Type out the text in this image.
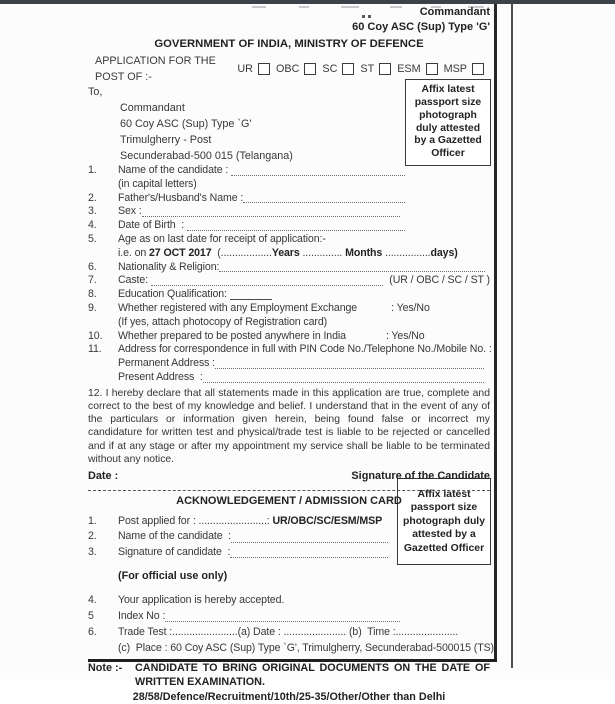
Affix latest
passport size
photograph
duly attested
by a Gazetted
Officer
Affix latest
passport size
photograph duly
attested by a
Gazetted Officer
Commandant
60 Coy ASC (Sup) Type 'G'
GOVERNMENT OF INDIA, MINISTRY OF DEFENCE
APPLICATION FOR THE POST OF :-

UR OBC SC ST ESM MSP
To,
Commandant
60 Coy ASC (Sup) Type `G'
Trimulgherry - Post
Secunderabad-500 015 (Telangana)
1.	Name of the candidate :
(in capital letters)
2.	Father's/Husband's Name :
3.	Sex :
4.	Date of Birth  :
5.	Age as on last date for receipt of application:-
i.e. on 27 OCT 2017 ( .................. Years .............. Months ................ days)
6.	Nationality & Religion:
7.	Caste:	(UR / OBC / SC / ST )
8.	Education Qualification:
9.	Whether registered with any Employment Exchange	: Yes/No
(If yes, attach photocopy of Registration card)
10.	Whether prepared to be posted anywhere in India	: Yes/No
11.	Address for correspondence in full with PIN Code No./Telephone No./Mobile No. :
Permanent Address :
Present Address  :
12. I hereby declare that all statements made in this application are true, complete and correct to the best of my knowledge and belief. I understand that in the event of any of the particulars or information given herein, being found false or incorrect my candidature for written test and physical/trade test is liable to be rejected or cancelled and if at any stage or after my appointment my service shall be liable to be terminated without any notice.
Date :	Signature of the Candidate
ACKNOWLEDGEMENT / ADMISSION CARD
1.	Post applied for : ........................ : UR/OBC/SC/ESM/MSP
2.	Name of the candidate  :
3.	Signature of candidate  :
(For official use only)
4.	Your application is hereby accepted.
5	Index No :
6.	Trade Test : ....................... (a) Date : ...................... (b)  Time : ......................
(c)  Place : 60 Coy ASC (Sup) Type `G', Trimulgherry, Secunderabad-500015 (TS)
Note :-	CANDIDATE TO BRING ORIGINAL DOCUMENTS ON THE DATE OF
WRITTEN EXAMINATION.
28/58/Defence/Recruitment/10th/25-35/Other/Other than Delhi
